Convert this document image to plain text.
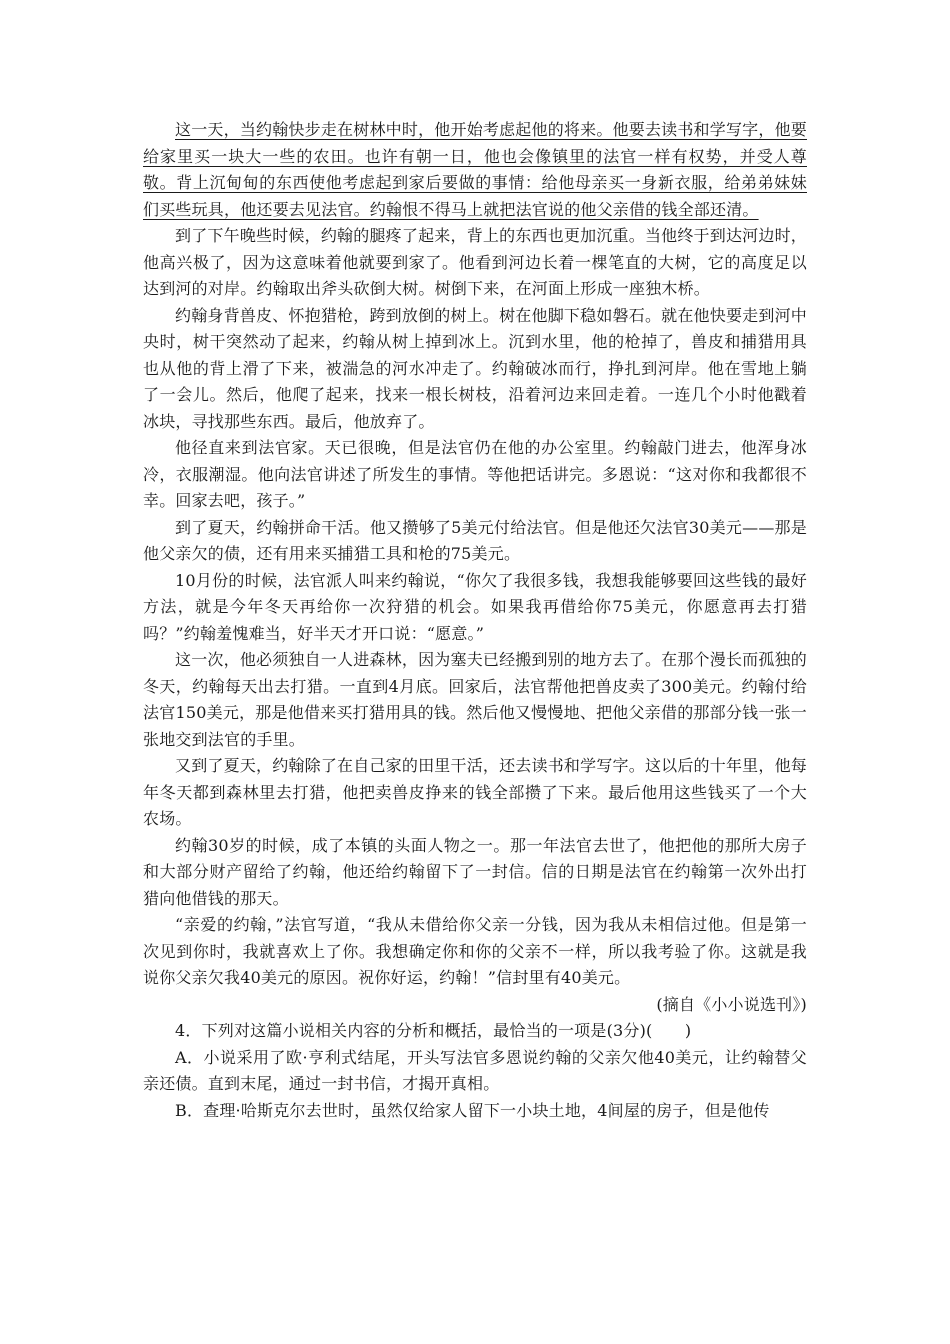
这一天，当约翰快步走在树林中时，他开始考虑起他的将来。他要去读书和学写字，他要给家里买一块大一些的农田。也许有朝一日，他也会像镇里的法官一样有权势，并受人尊敬。背上沉甸甸的东西使他考虑起到家后要做的事情：给他母亲买一身新衣服，给弟弟妹妹们买些玩具，他还要去见法官。约翰恨不得马上就把法官说的他父亲借的钱全部还清。

到了下午晚些时候，约翰的腿疼了起来，背上的东西也更加沉重。当他终于到达河边时，他高兴极了，因为这意味着他就要到家了。他看到河边长着一棵笔直的大树，它的高度足以达到河的对岸。约翰取出斧头砍倒大树。树倒下来，在河面上形成一座独木桥。

约翰身背兽皮、怀抱猎枪，跨到放倒的树上。树在他脚下稳如磐石。就在他快要走到河中央时，树干突然动了起来，约翰从树上掉到冰上。沉到水里，他的枪掉了，兽皮和捕猎用具也从他的背上滑了下来，被湍急的河水冲走了。约翰破冰而行，挣扎到河岸。他在雪地上躺了一会儿。然后，他爬了起来，找来一根长树枝，沿着河边来回走着。一连几个小时他戳着冰块，寻找那些东西。最后，他放弃了。

他径直来到法官家。天已很晚，但是法官仍在他的办公室里。约翰敲门进去，他浑身冰冷，衣服潮湿。他向法官讲述了所发生的事情。等他把话讲完。多恩说：“这对你和我都很不幸。回家去吧，孩子。”

到了夏天，约翰拼命干活。他又攒够了5美元付给法官。但是他还欠法官30美元——那是他父亲欠的债，还有用来买捕猎工具和枪的75美元。

10月份的时候，法官派人叫来约翰说，“你欠了我很多钱，我想我能够要回这些钱的最好方法，就是今年冬天再给你一次狩猎的机会。如果我再借给你75美元，你愿意再去打猎吗？”约翰羞愧难当，好半天才开口说：“愿意。”

这一次，他必须独自一人进森林，因为塞夫已经搬到别的地方去了。在那个漫长而孤独的冬天，约翰每天出去打猎。一直到4月底。回家后，法官帮他把兽皮卖了300美元。约翰付给法官150美元，那是他借来买打猎用具的钱。然后他又慢慢地、把他父亲借的那部分钱一张一张地交到法官的手里。

又到了夏天，约翰除了在自己家的田里干活，还去读书和学写字。这以后的十年里，他每年冬天都到森林里去打猎，他把卖兽皮挣来的钱全部攒了下来。最后他用这些钱买了一个大农场。

约翰30岁的时候，成了本镇的头面人物之一。那一年法官去世了，他把他的那所大房子和大部分财产留给了约翰，他还给约翰留下了一封信。信的日期是法官在约翰第一次外出打猎向他借钱的那天。

“亲爱的约翰，”法官写道，“我从未借给你父亲一分钱，因为我从未相信过他。但是第一次见到你时，我就喜欢上了你。我想确定你和你的父亲不一样，所以我考验了你。这就是我说你父亲欠我40美元的原因。祝你好运，约翰！”信封里有40美元。

(摘自《小小说选刊》)

4．下列对这篇小说相关内容的分析和概括，最恰当的一项是(3分)(　　)

A．小说采用了欧·亨利式结尾，开头写法官多恩说约翰的父亲欠他40美元，让约翰替父亲还债。直到末尾，通过一封书信，才揭开真相。

B．查理·哈斯克尔去世时，虽然仅给家人留下一小块土地，4间屋的房子，但是他传
